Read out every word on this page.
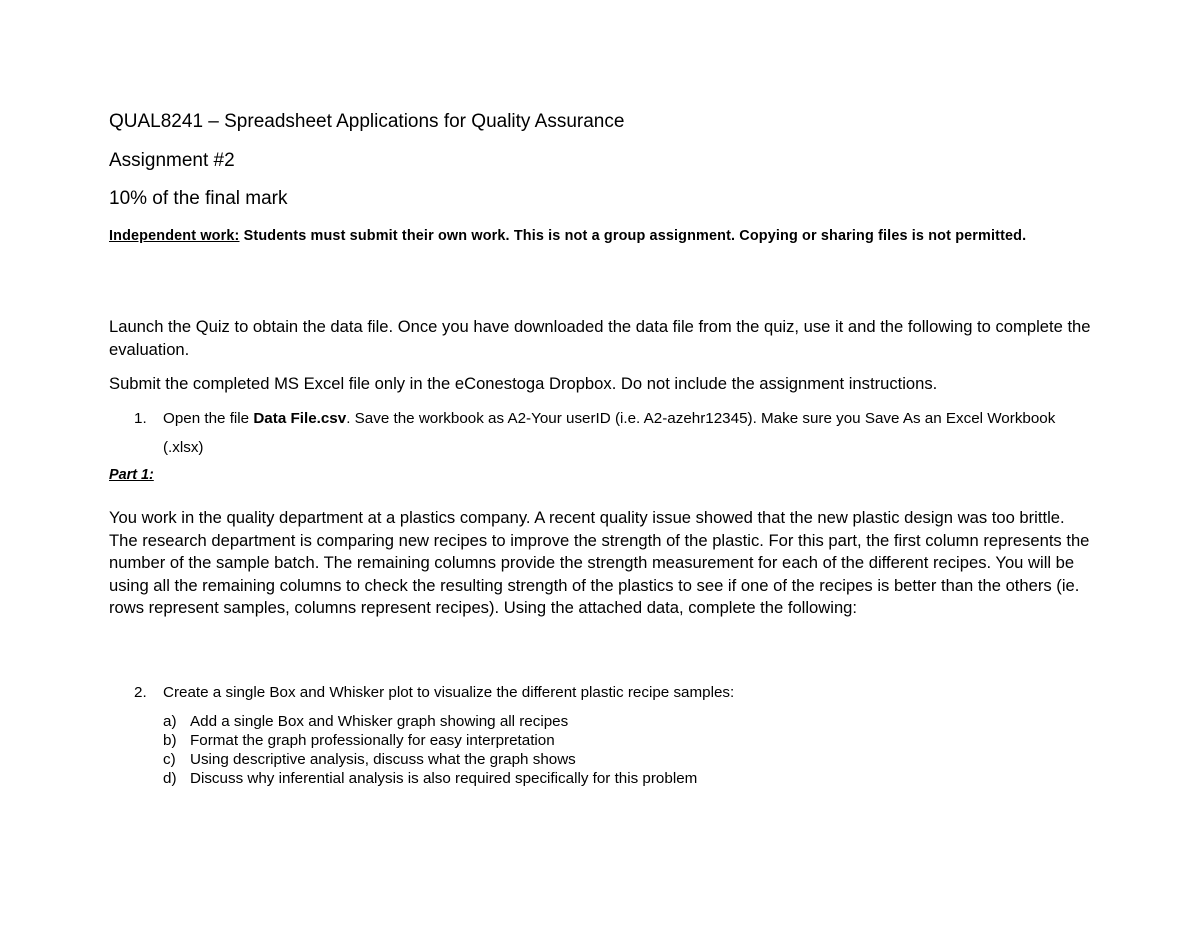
QUAL8241 – Spreadsheet Applications for Quality Assurance
Assignment #2
10% of the final mark
Independent work: Students must submit their own work. This is not a group assignment. Copying or sharing files is not permitted.
Launch the Quiz to obtain the data file. Once you have downloaded the data file from the quiz, use it and the following to complete the evaluation.
Submit the completed MS Excel file only in the eConestoga Dropbox. Do not include the assignment instructions.
1. Open the file Data File.csv. Save the workbook as A2-Your userID (i.e. A2-azehr12345). Make sure you Save As an Excel Workbook (.xlsx)
Part 1:
You work in the quality department at a plastics company. A recent quality issue showed that the new plastic design was too brittle. The research department is comparing new recipes to improve the strength of the plastic. For this part, the first column represents the number of the sample batch. The remaining columns provide the strength measurement for each of the different recipes. You will be using all the remaining columns to check the resulting strength of the plastics to see if one of the recipes is better than the others (ie. rows represent samples, columns represent recipes). Using the attached data, complete the following:
2. Create a single Box and Whisker plot to visualize the different plastic recipe samples:
a) Add a single Box and Whisker graph showing all recipes
b) Format the graph professionally for easy interpretation
c) Using descriptive analysis, discuss what the graph shows
d) Discuss why inferential analysis is also required specifically for this problem
